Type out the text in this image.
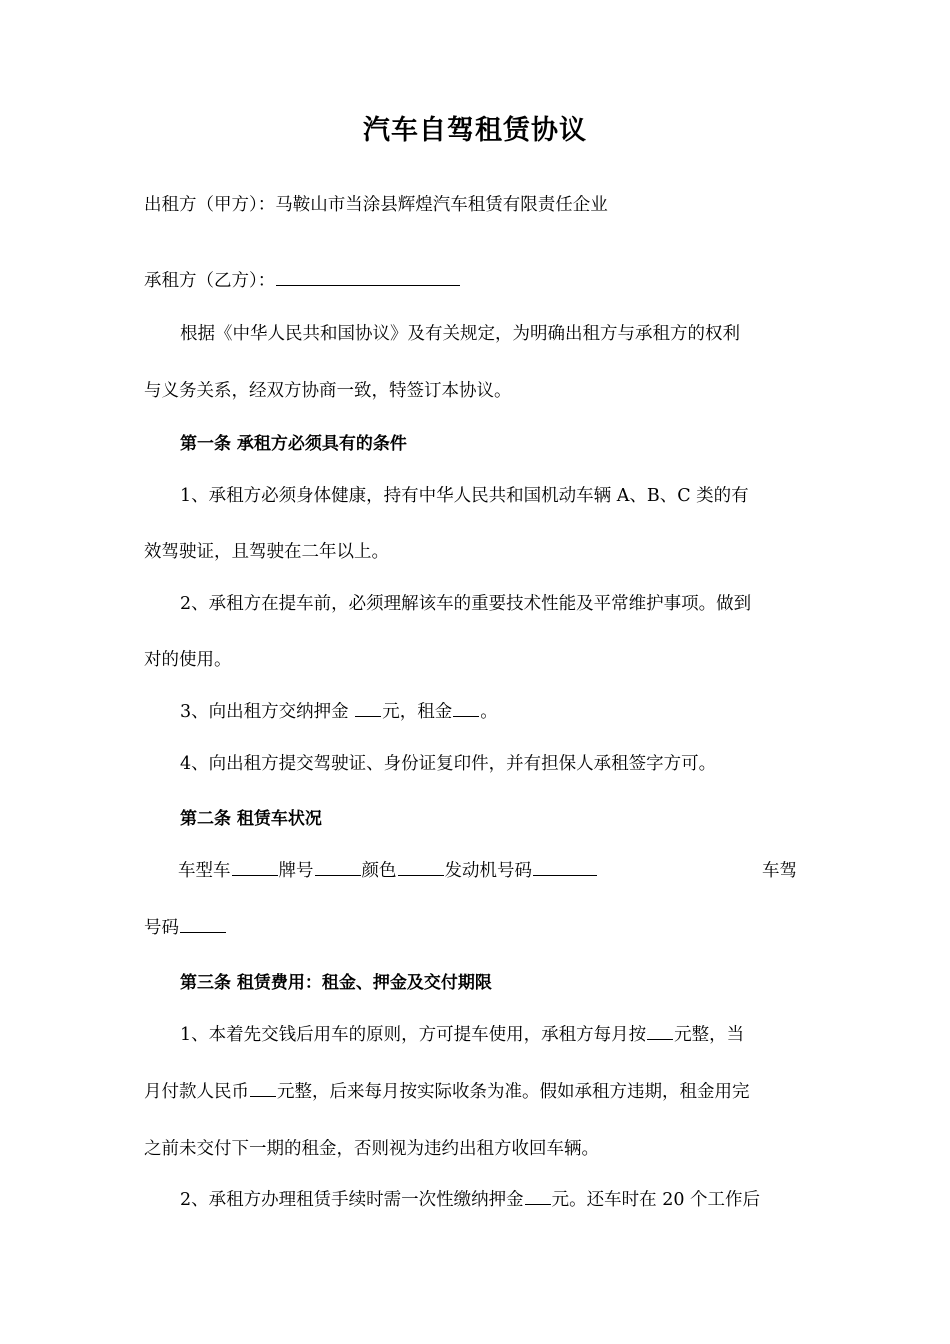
汽车自驾租赁协议
出租方（甲方）：马鞍山市当涂县辉煌汽车租赁有限责任企业
承租方（乙方）：
根据《中华人民共和国协议》及有关规定，为明确出租方与承租方的权利
与义务关系，经双方协商一致，特签订本协议。
第一条 承租方必须具有的条件
1、承租方必须身体健康，持有中华人民共和国机动车辆 A、B、C 类的有
效驾驶证，且驾驶在二年以上。
2、承租方在提车前，必须理解该车的重要技术性能及平常维护事项。做到
对的使用。
3、向出租方交纳押金 元，租金 。
4、向出租方提交驾驶证、身份证复印件，并有担保人承租签字方可。
第二条 租赁车状况
车型车	牌号	颜色	发动机号码	车驾
号码
第三条 租赁费用：租金、押金及交付期限
1、本着先交钱后用车的原则，方可提车使用，承租方每月按 元整，当
月付款人民币 元整，后来每月按实际收条为准。假如承租方违期，租金用完
之前未交付下一期的租金，否则视为违约出租方收回车辆。
2、承租方办理租赁手续时需一次性缴纳押金 元。还车时在 20 个工作后
